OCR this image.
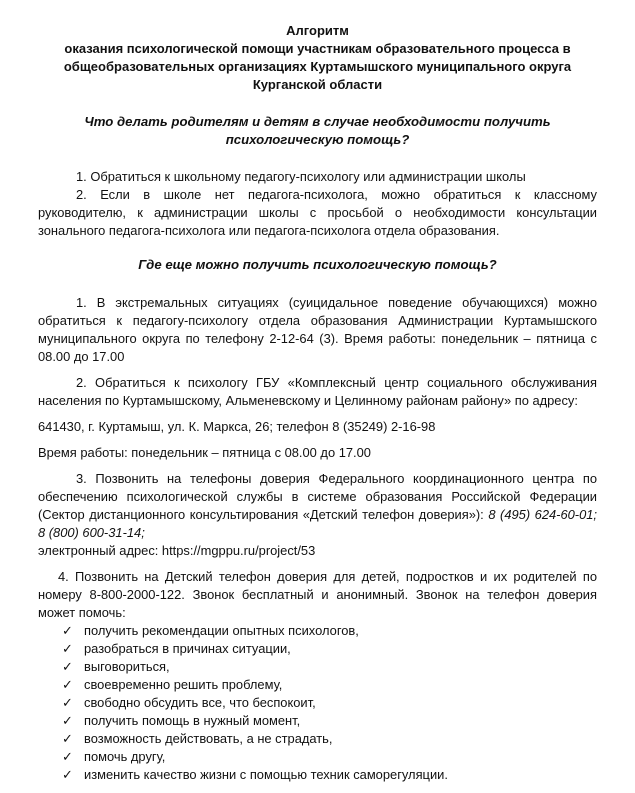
Алгоритм
оказания психологической помощи участникам образовательного процесса в
общеобразовательных организациях Куртамышского муниципального округа
Курганской области
Что делать родителям и детям в случае необходимости получить
психологическую помощь?

1. Обратиться к школьному педагогу-психологу или администрации школы

2. Если в школе нет педагога-психолога, можно обратиться к классному руководителю, к администрации школы с просьбой о необходимости консультации зонального педагога-психолога или педагога-психолога отдела образования.

Где еще можно получить психологическую помощь?

1. В экстремальных ситуациях (суицидальное поведение обучающихся) можно обратиться к педагогу-психологу отдела образования Администрации Куртамышского муниципального округа по телефону 2-12-64 (3). Время работы: понедельник – пятница с 08.00 до 17.00

2. Обратиться к психологу ГБУ «Комплексный центр социального обслуживания населения по Куртамышскому, Альменевскому и Целинному районам району» по адресу:

641430, г. Куртамыш, ул. К. Маркса, 26; телефон 8 (35249) 2-16-98

Время работы: понедельник – пятница с 08.00 до 17.00

3. Позвонить на телефоны доверия Федерального координационного центра по обеспечению психологической службы в системе образования Российской Федерации (Сектор дистанционного консультирования «Детский телефон доверия»): 8 (495) 624-60-01; 8 (800) 600-31-14;

электронный адрес: https://mgppu.ru/project/53

4. Позвонить на Детский телефон доверия для детей, подростков и их родителей по номеру 8-800-2000-122. Звонок бесплатный и анонимный. Звонок на телефон доверия может помочь:

✓ получить рекомендации опытных психологов,
✓ разобраться в причинах ситуации,
✓ выговориться,
✓ своевременно решить проблему,
✓ свободно обсудить все, что беспокоит,
✓ получить помощь в нужный момент,
✓ возможность действовать, а не страдать,
✓ помочь другу,
✓ изменить качество жизни с помощью техник саморегуляции.
